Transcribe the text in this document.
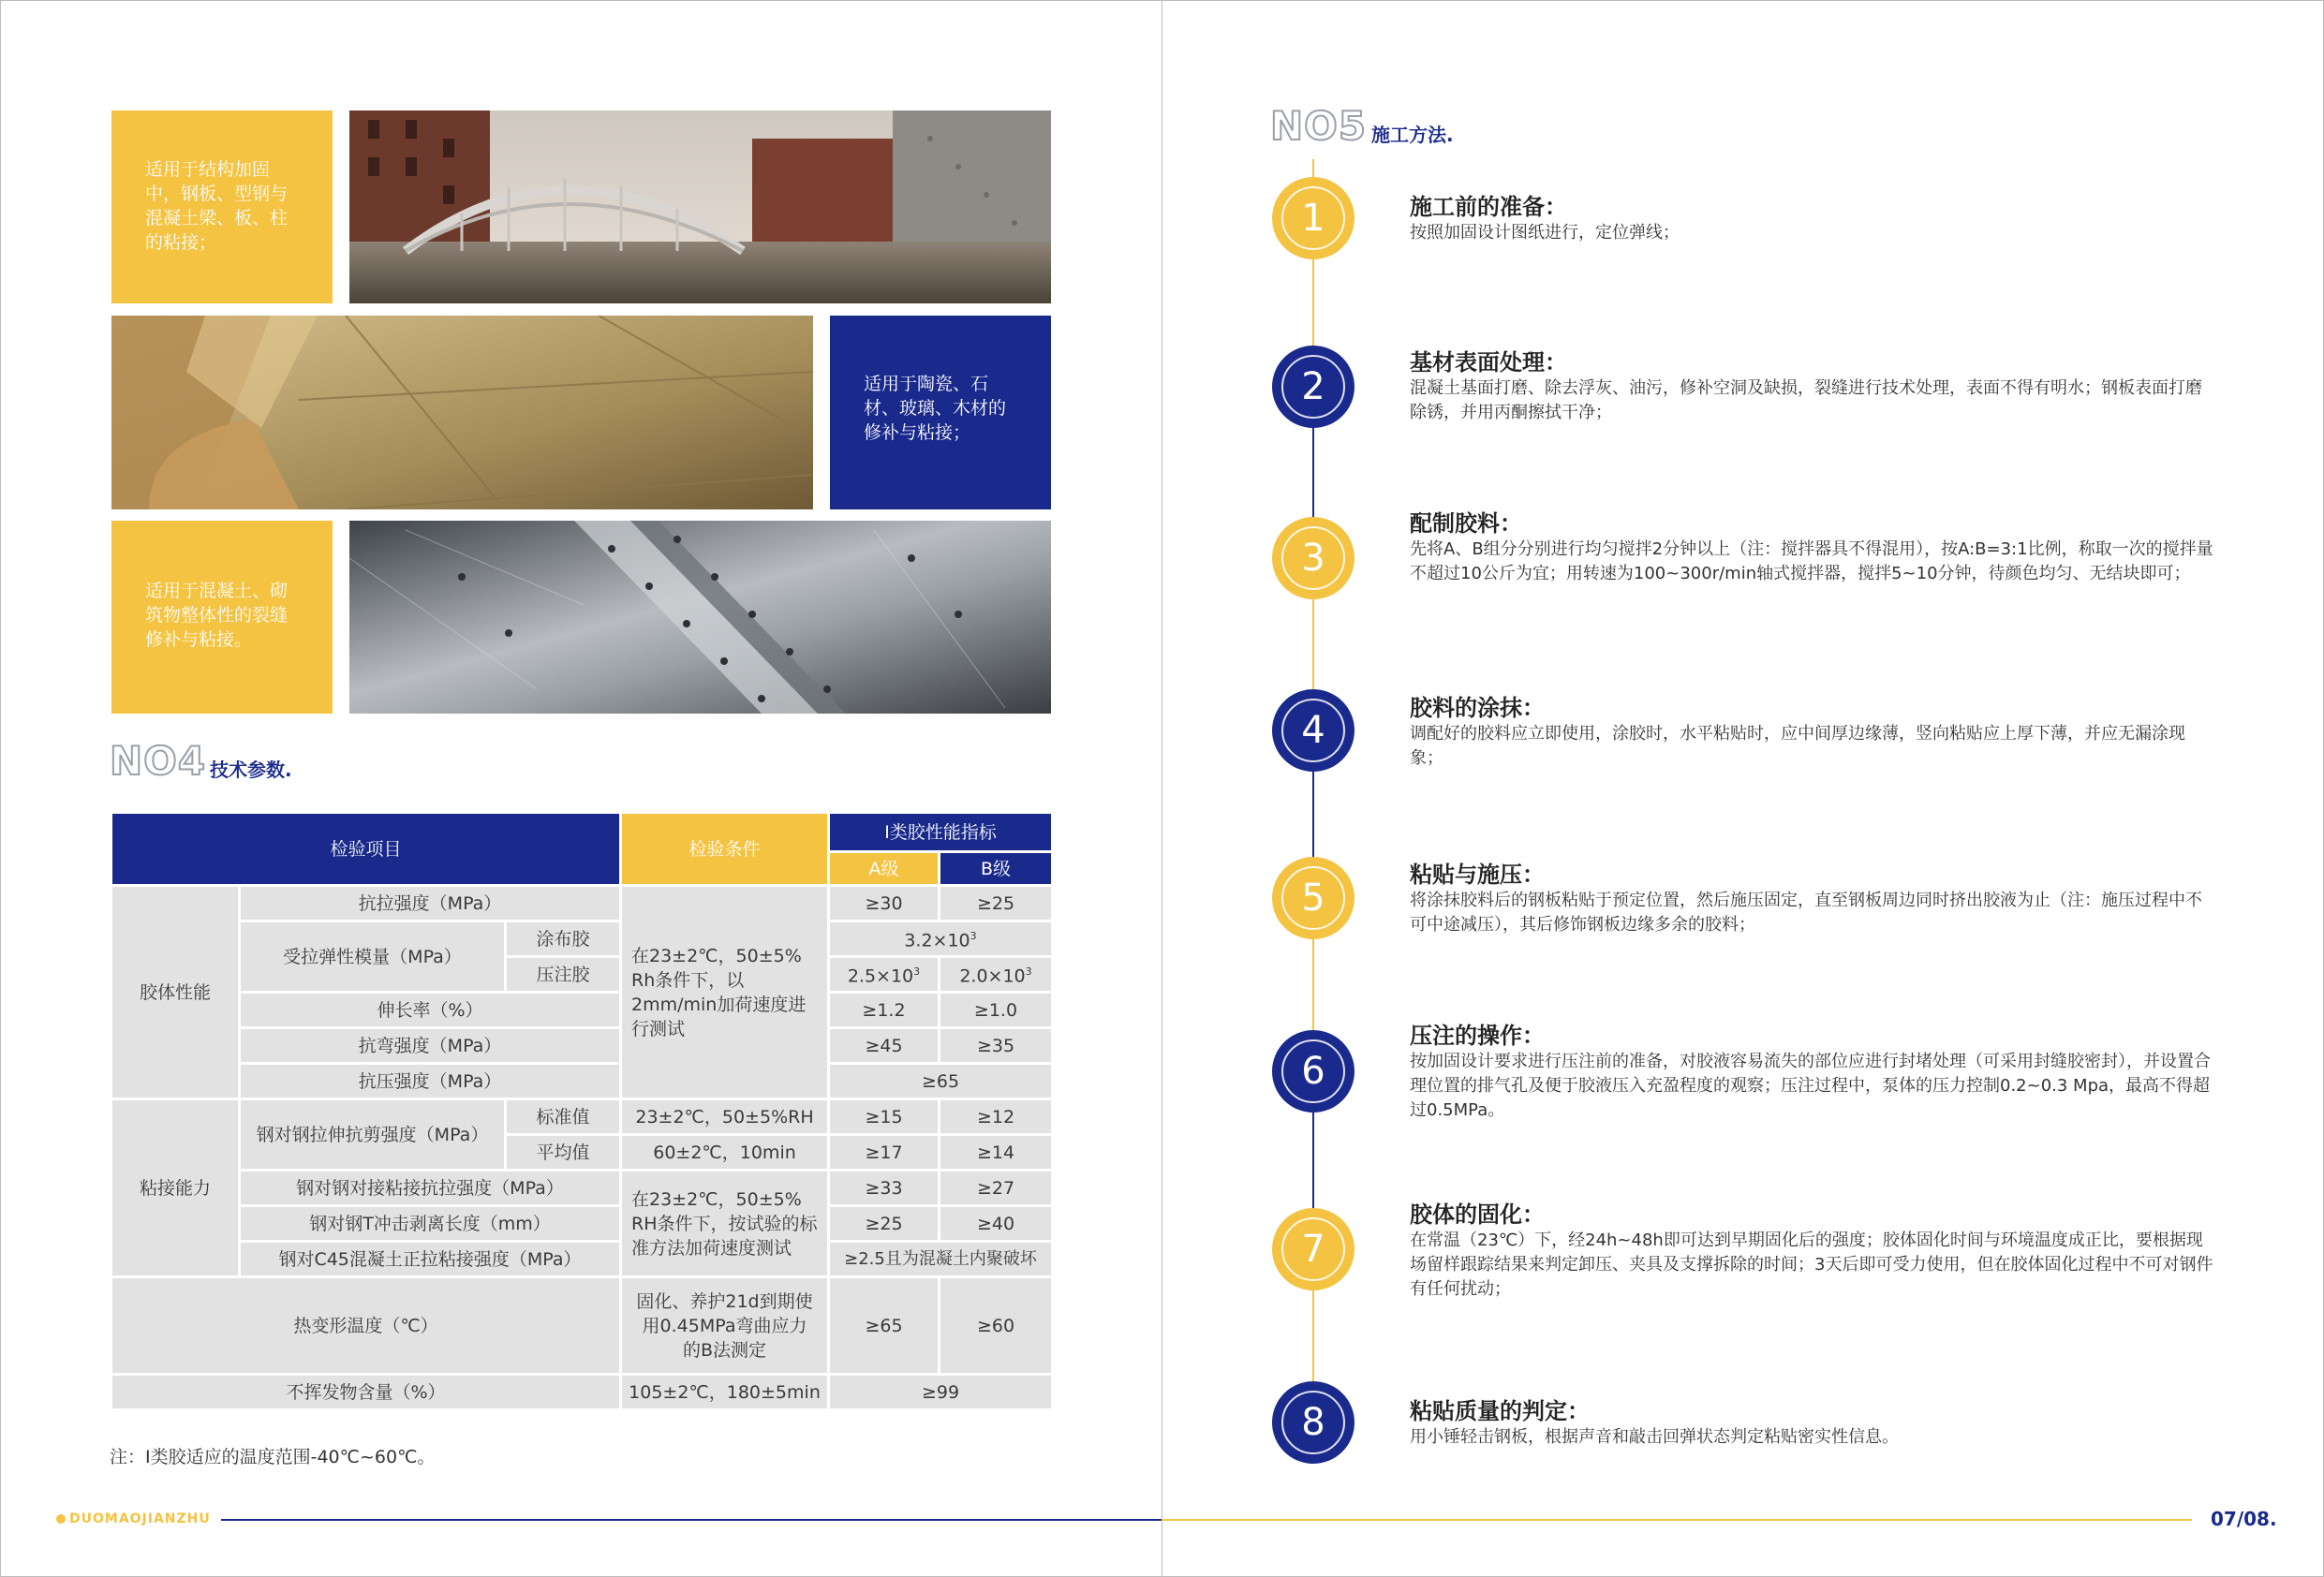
适用于结构加固中，钢板、型钢与混凝土梁、板、柱的粘接；
适用于陶瓷、石材、玻璃、木材的修补与粘接；
适用于混凝土、砌筑物整体性的裂缝修补与粘接。
NO4 技术参数.
检验项目			检验条件	Ⅰ类胶性能指标	
				A级	B级
胶体性能	抗拉强度（MPa）		在23±2℃，50±5% Rh条件下，以2mm/min加荷速度进行测试	≥30	≥25
	受拉弹性模量（MPa）	涂布胶		$3.2\times 10^3$
		压注胶		$2.5\times 10^3$	$2.0\times 10^3$
	伸长率（%）			≥1.2	≥1.0
	抗弯强度（MPa）			≥45	≥35
	抗压强度（MPa）			≥65	
粘接能力	钢对钢拉伸抗剪强度（MPa）	标准值	23±2℃，50±5%RH	≥15	≥12
		平均值	60±2℃，10min	≥17	≥14
	钢对钢对接粘接抗拉强度（MPa）		在23±2℃，50±5% RH条件下，按试验的标准方法加荷速度测试	≥33	≥27
	钢对钢T冲击剥离长度（mm）			≥25	≥40
	钢对C45混凝土正拉粘接强度（MPa）			≥2.5且为混凝土内聚破坏	
热变形温度（℃）			固化、养护21d到期使用0.45MPa弯曲应力的B法测定	≥65	≥60
不挥发物含量（%）			105±2℃，180±5min	≥99	
注：Ⅰ类胶适应的温度范围-40℃~60℃。
NO5 施工方法.
1	施工前的准备：
按照加固设计图纸进行，定位弹线；
2
基材表面处理：
混凝土基面打磨、除去浮灰、油污，修补空洞及缺损，裂缝进行技术处理，表面不得有明水；钢板表面打磨除锈，并用丙酮擦拭干净；
3
配制胶料：
先将A、B组分分别进行均匀搅拌2分钟以上（注：搅拌器具不得混用），按A:B=3:1比例，称取一次的搅拌量不超过10公斤为宜；用转速为100~300r/min轴式搅拌器，搅拌5~10分钟，待颜色均匀、无结块即可；
4
胶料的涂抹：
调配好的胶料应立即使用，涂胶时，水平粘贴时，应中间厚边缘薄，竖向粘贴应上厚下薄，并应无漏涂现象；
5
粘贴与施压：
将涂抹胶料后的钢板粘贴于预定位置，然后施压固定，直至钢板周边同时挤出胶液为止（注：施压过程中不可中途减压），其后修饰钢板边缘多余的胶料；
6
压注的操作：
按加固设计要求进行压注前的准备，对胶液容易流失的部位应进行封堵处理（可采用封缝胶密封），并设置合理位置的排气孔及便于胶液压入充盈程度的观察；压注过程中，泵体的压力控制0.2~0.3 Mpa，最高不得超过0.5MPa。
7
胶体的固化：
在常温（23℃）下，经24h~48h即可达到早期固化后的强度；胶体固化时间与环境温度成正比，要根据现场留样跟踪结果来判定卸压、夹具及支撑拆除的时间；3天后即可受力使用，但在胶体固化过程中不可对钢件有任何扰动；
8	粘贴质量的判定：
用小锤轻击钢板，根据声音和敲击回弹状态判定粘贴密实性信息。
DUOMAOJIANZHU	07/08.
